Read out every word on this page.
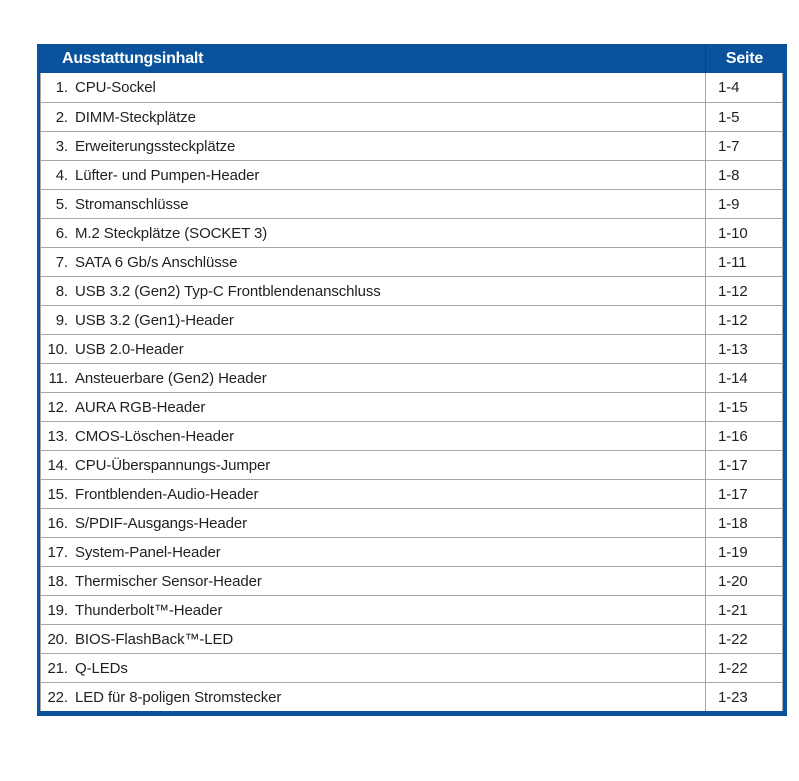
Ausstattungsinhalt	Seite
1. CPU-Sockel	1-4
2. DIMM-Steckplätze	1-5
3. Erweiterungssteckplätze	1-7
4. Lüfter- und Pumpen-Header	1-8
5. Stromanschlüsse	1-9
6. M.2 Steckplätze (SOCKET 3)	1-10
7. SATA 6 Gb/s Anschlüsse	1-11
8. USB 3.2 (Gen2) Typ-C Frontblendenanschluss	1-12
9. USB 3.2 (Gen1)-Header	1-12
10. USB 2.0-Header	1-13
11. Ansteuerbare (Gen2) Header	1-14
12. AURA RGB-Header	1-15
13. CMOS-Löschen-Header	1-16
14. CPU-Überspannungs-Jumper	1-17
15. Frontblenden-Audio-Header	1-17
16. S/PDIF-Ausgangs-Header	1-18
17. System-Panel-Header	1-19
18. Thermischer Sensor-Header	1-20
19. Thunderbolt™-Header	1-21
20. BIOS-FlashBack™-LED	1-22
21. Q-LEDs	1-22
22. LED für 8-poligen Stromstecker	1-23
